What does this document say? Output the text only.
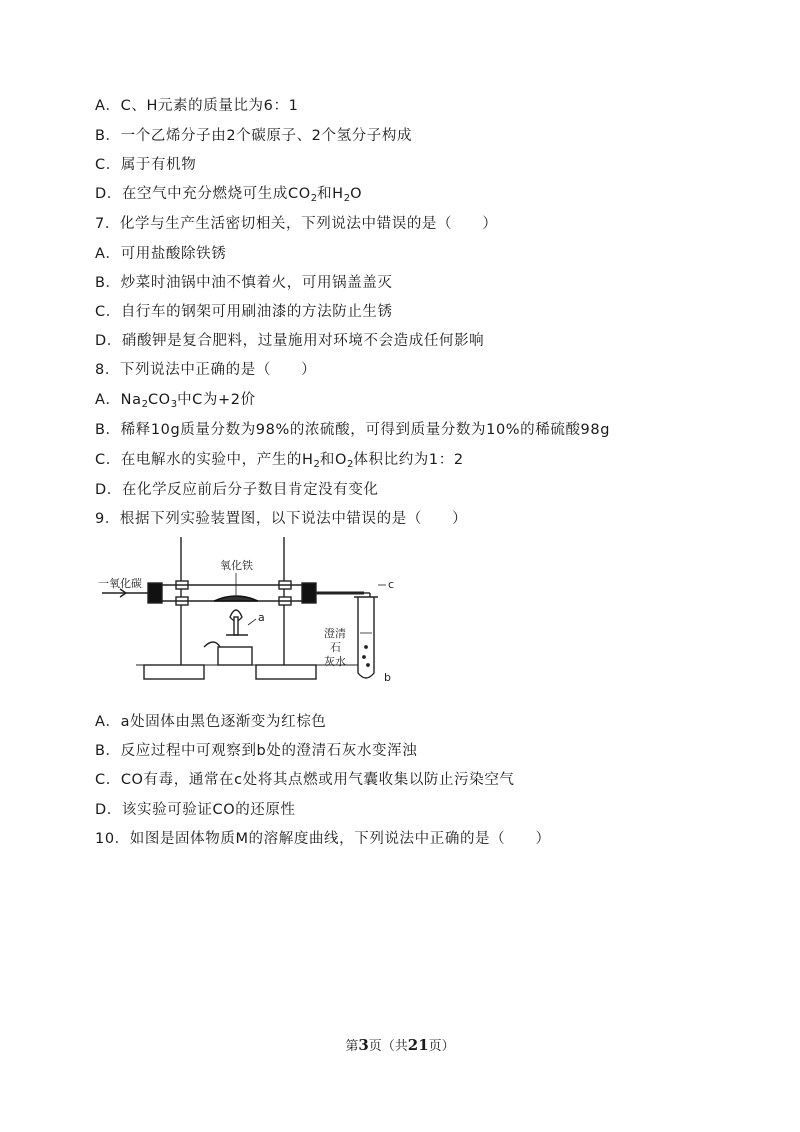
A．C、H元素的质量比为6：1
B．一个乙烯分子由2个碳原子、2个氢分子构成
C．属于有机物
D．在空气中充分燃烧可生成$CO_2$和$H_2O$
7．化学与生产生活密切相关，下列说法中错误的是（　　）
A．可用盐酸除铁锈
B．炒菜时油锅中油不慎着火，可用锅盖盖灭
C．自行车的钢架可用刷油漆的方法防止生锈
D．硝酸钾是复合肥料，过量施用对环境不会造成任何影响
8．下列说法中正确的是（　　）
A．$Na_2CO_3$中C为+2价
B．稀释10g质量分数为98%的浓硫酸，可得到质量分数为10%的稀硫酸98g
C．在电解水的实验中，产生的$H_2$和$O_2$体积比约为1：2
D．在化学反应前后分子数目肯定没有变化
9．根据下列实验装置图，以下说法中错误的是（　　）
一氧化碳
氧化铁
a
c
b
澄清
石
灰水
A．a处固体由黑色逐渐变为红棕色
B．反应过程中可观察到b处的澄清石灰水变浑浊
C．CO有毒，通常在c处将其点燃或用气囊收集以防止污染空气
D．该实验可验证CO的还原性
10．如图是固体物质M的溶解度曲线，下列说法中正确的是（　　）
第3页（共21页）
